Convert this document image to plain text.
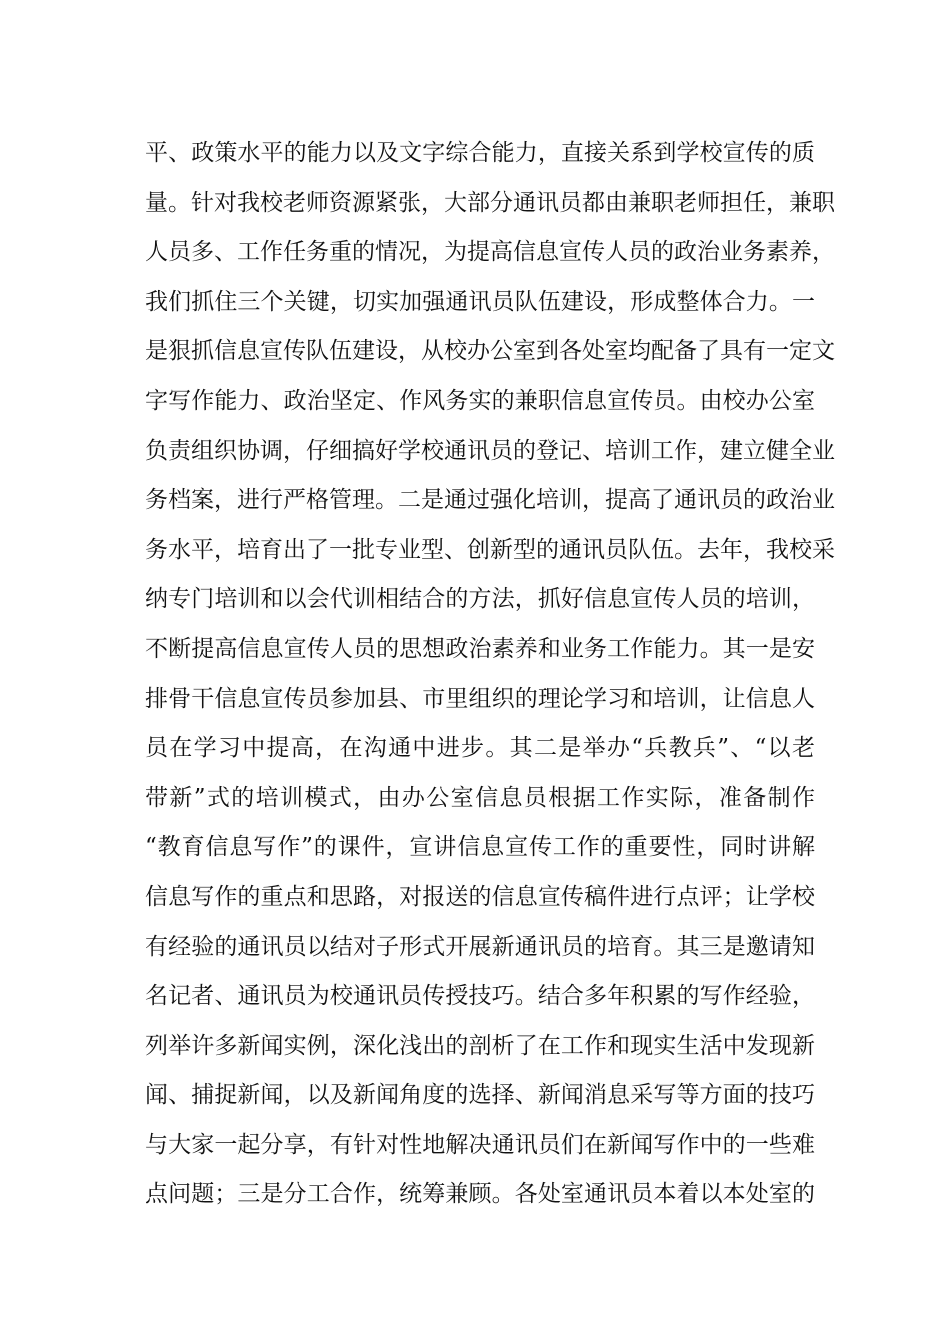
平、政策水平的能力以及文字综合能力，直接关系到学校宣传的质
量。针对我校老师资源紧张，大部分通讯员都由兼职老师担任，兼职
人员多、工作任务重的情况，为提高信息宣传人员的政治业务素养，
我们抓住三个关键，切实加强通讯员队伍建设，形成整体合力。一
是狠抓信息宣传队伍建设，从校办公室到各处室均配备了具有一定文
字写作能力、政治坚定、作风务实的兼职信息宣传员。由校办公室
负责组织协调，仔细搞好学校通讯员的登记、培训工作，建立健全业
务档案，进行严格管理。二是通过强化培训，提高了通讯员的政治业
务水平，培育出了一批专业型、创新型的通讯员队伍。去年，我校采
纳专门培训和以会代训相结合的方法，抓好信息宣传人员的培训，
不断提高信息宣传人员的思想政治素养和业务工作能力。其一是安
排骨干信息宣传员参加县、市里组织的理论学习和培训，让信息人
员在学习中提高，在沟通中进步。其二是举办“兵教兵”、“以老
带新”式的培训模式，由办公室信息员根据工作实际，准备制作
“教育信息写作”的课件，宣讲信息宣传工作的重要性，同时讲解
信息写作的重点和思路，对报送的信息宣传稿件进行点评；让学校
有经验的通讯员以结对子形式开展新通讯员的培育。其三是邀请知
名记者、通讯员为校通讯员传授技巧。结合多年积累的写作经验，
列举许多新闻实例，深化浅出的剖析了在工作和现实生活中发现新
闻、捕捉新闻，以及新闻角度的选择、新闻消息采写等方面的技巧
与大家一起分享，有针对性地解决通讯员们在新闻写作中的一些难
点问题；三是分工合作，统筹兼顾。各处室通讯员本着以本处室的
